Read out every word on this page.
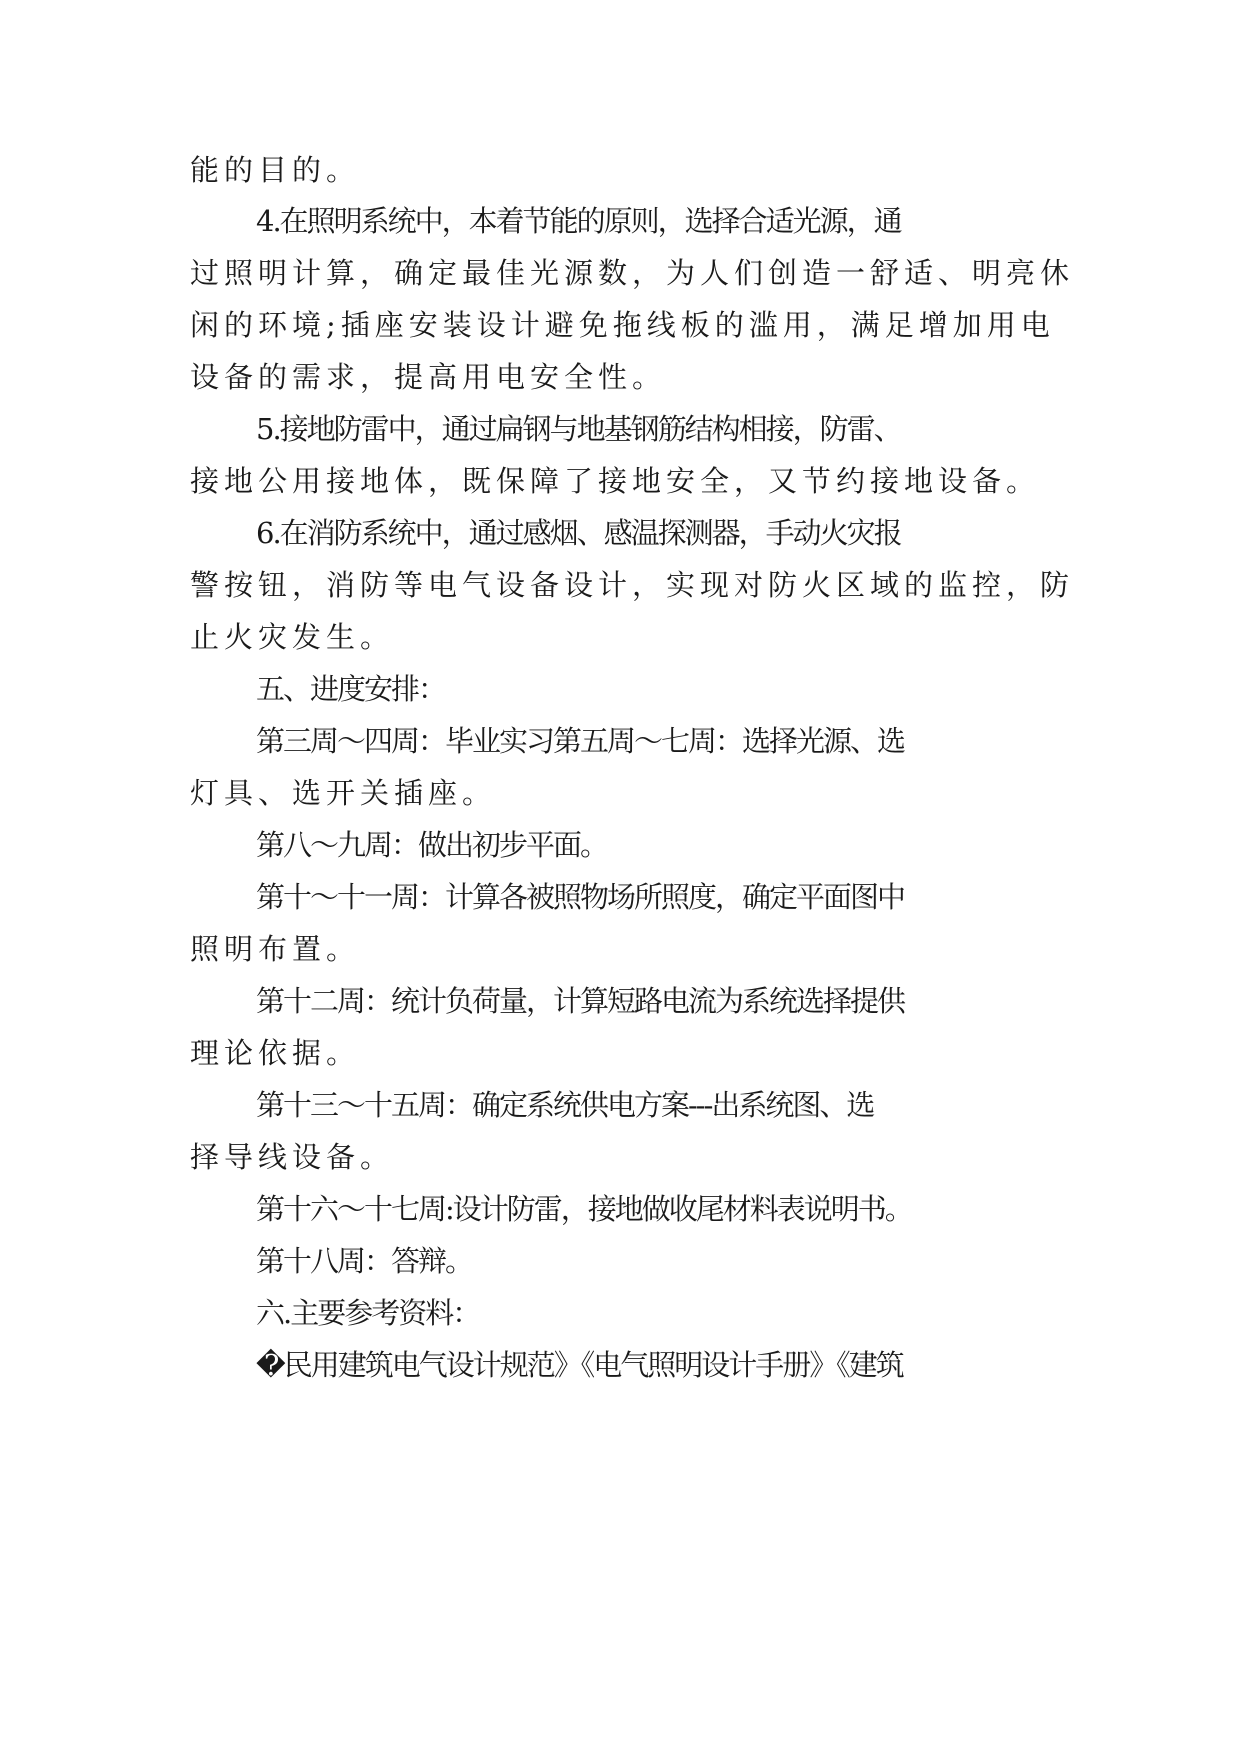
能的目的。
4.在照明系统中，本着节能的原则，选择合适光源，通
过照明计算，确定最佳光源数，为人们创造一舒适、明亮休
闲的环境;插座安装设计避免拖线板的滥用，满足增加用电
设备的需求，提高用电安全性。
5.接地防雷中，通过扁钢与地基钢筋结构相接，防雷、
接地公用接地体，既保障了接地安全，又节约接地设备。
6.在消防系统中，通过感烟、感温探测器，手动火灾报
警按钮，消防等电气设备设计，实现对防火区域的监控，防
止火灾发生。
五、进度安排：
第三周～四周：毕业实习第五周～七周：选择光源、选
灯具、选开关插座。
第八～九周：做出初步平面。
第十～十一周：计算各被照物场所照度，确定平面图中
照明布置。
第十二周：统计负荷量，计算短路电流为系统选择提供
理论依据。
第十三～十五周：确定系统供电方案---出系统图、选
择导线设备。
第十六～十七周:设计防雷，接地做收尾材料表说明书。
第十八周：答辩。
六.主要参考资料：
�民用建筑电气设计规范》《电气照明设计手册》《建筑
